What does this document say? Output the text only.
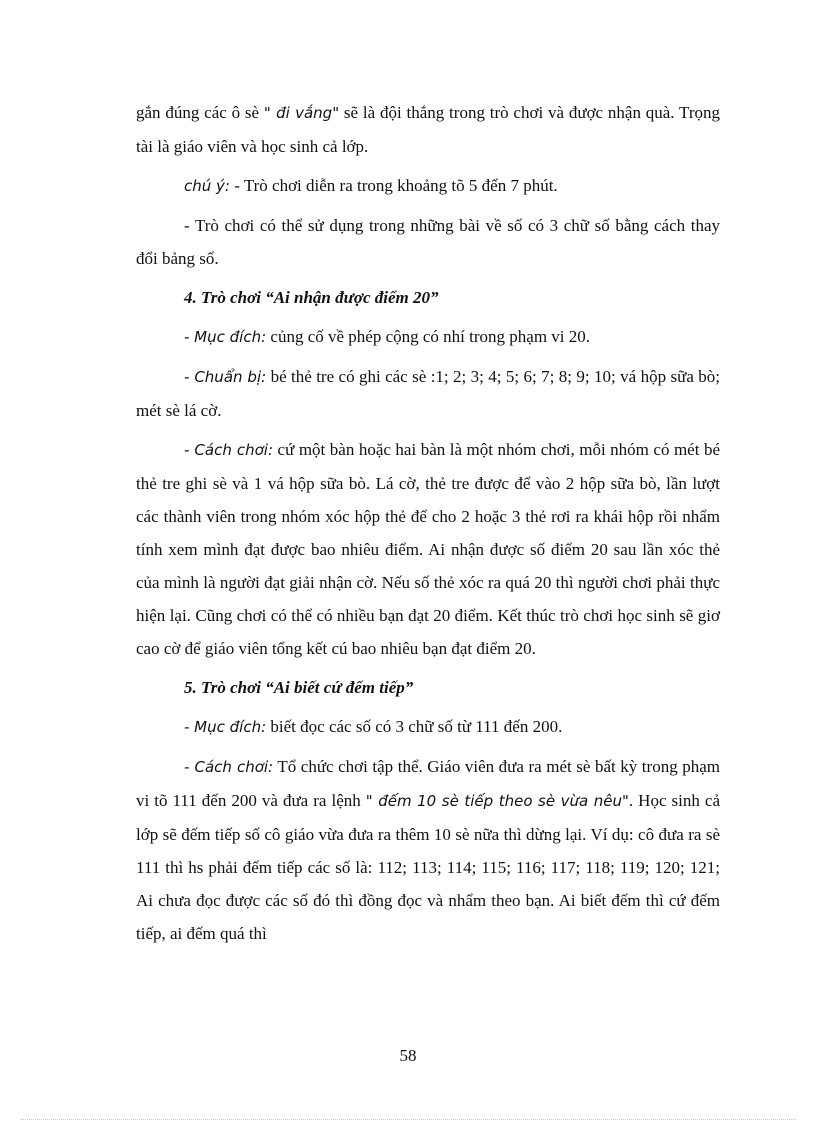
gắn đúng các ô sè " đi vắng" sẽ là đội thắng trong trò chơi và được nhận quà. Trọng tài là giáo viên và học sinh cả lớp.

chú ý: - Trò chơi diễn ra trong khoảng tõ 5 đến 7 phút.

- Trò chơi có thể sử dụng trong những bài về số có 3 chữ số bằng cách thay đổi bảng số.

4. Trò chơi “Ai nhận được điểm 20”

- Mục đích: củng cố về phép cộng có nhí trong phạm vi 20.

- Chuẩn bị: bé thẻ tre có ghi các sè :1; 2; 3; 4; 5; 6; 7; 8; 9; 10; vá hộp sữa bò; mét sè lá cờ.

- Cách chơi: cứ một bàn hoặc hai bàn là một nhóm chơi, mỗi nhóm có mét bé thẻ tre ghi sè và 1 vá hộp sữa bò. Lá cờ, thẻ tre được để vào 2 hộp sữa bò, lần lượt các thành viên trong nhóm xóc hộp thẻ để cho 2 hoặc 3 thẻ rơi ra khái hộp rồi nhẩm tính xem mình đạt được bao nhiêu điểm. Ai nhận được số điểm 20 sau lần xóc thẻ của mình là người đạt giải nhận cờ. Nếu số thẻ xóc ra quá 20 thì người chơi phải thực hiện lại. Cũng chơi có thể có nhiều bạn đạt 20 điểm. Kết thúc trò chơi học sinh sẽ giơ cao cờ để giáo viên tổng kết cú bao nhiêu bạn đạt điểm 20.

5. Trò chơi “Ai biết cứ đếm tiếp”

- Mục đích: biết đọc các số có 3 chữ số từ 111 đến 200.

- Cách chơi: Tổ chức chơi tập thể. Giáo viên đưa ra mét sè bất kỳ trong phạm vi tõ 111 đến 200 và đưa ra lệnh " đếm 10 sè tiếp theo sè vừa nêu". Học sinh cả lớp sẽ đếm tiếp số cô giáo vừa đưa ra thêm 10 sè nữa thì dừng lại. Ví dụ: cô đưa ra sè 111 thì hs phải đếm tiếp các số là: 112; 113; 114; 115; 116; 117; 118; 119; 120; 121; Ai chưa đọc được các số đó thì đồng đọc và nhẩm theo bạn. Ai biết đếm thì cứ đếm tiếp, ai đếm quá thì

58
